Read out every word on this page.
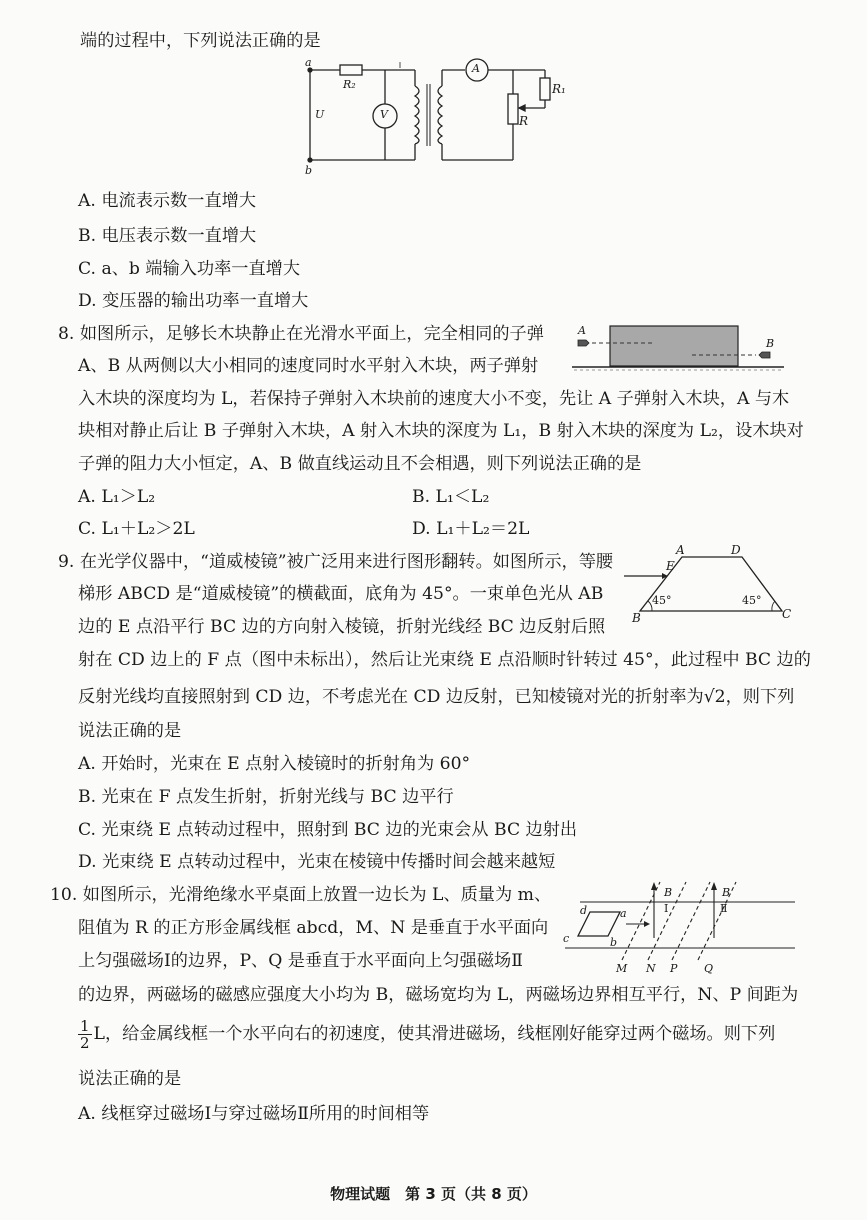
端的过程中，下列说法正确的是
a
b
R₂
U	V
A
R₁
R
A. 电流表示数一直增大
B. 电压表示数一直增大
C. a、b 端输入功率一直增大
D. 变压器的输出功率一直增大
8. 如图所示，足够长木块静止在光滑水平面上，完全相同的子弹
A、B 从两侧以大小相同的速度同时水平射入木块，两子弹射
入木块的深度均为 L，若保持子弹射入木块前的速度大小不变，先让 A 子弹射入木块，A 与木
块相对静止后让 B 子弹射入木块，A 射入木块的深度为 L₁，B 射入木块的深度为 L₂，设木块对
子弹的阻力大小恒定，A、B 做直线运动且不会相遇，则下列说法正确的是
A
B
A. L₁＞L₂	B. L₁＜L₂
C. L₁＋L₂＞2L	D. L₁＋L₂＝2L
9. 在光学仪器中，“道威棱镜”被广泛用来进行图形翻转。如图所示，等腰
梯形 ABCD 是“道威棱镜”的横截面，底角为 45°。一束单色光从 AB
边的 E 点沿平行 BC 边的方向射入棱镜，折射光线经 BC 边反射后照
射在 CD 边上的 F 点（图中未标出），然后让光束绕 E 点沿顺时针转过 45°，此过程中 BC 边的
反射光线均直接照射到 CD 边，不考虑光在 CD 边反射，已知棱镜对光的折射率为√2，则下列
说法正确的是
A	D
B	C
E
45°	45°
A. 开始时，光束在 E 点射入棱镜时的折射角为 60°
B. 光束在 F 点发生折射，折射光线与 BC 边平行
C. 光束绕 E 点转动过程中，照射到 BC 边的光束会从 BC 边射出
D. 光束绕 E 点转动过程中，光束在棱镜中传播时间会越来越短
10. 如图所示，光滑绝缘水平桌面上放置一边长为 L、质量为 m、
阻值为 R 的正方形金属线框 abcd，M、N 是垂直于水平面向
上匀强磁场Ⅰ的边界，P、Q 是垂直于水平面向上匀强磁场Ⅱ
的边界，两磁场的磁感应强度大小均为 B，磁场宽均为 L，两磁场边界相互平行，N、P 间距为
$\frac{1}{2}$ L，给金属线框一个水平向右的初速度，使其滑进磁场，线框刚好能穿过两个磁场。则下列
说法正确的是
d
c
a
b
B
Ⅰ
B
Ⅱ
M N P Q
A. 线框穿过磁场Ⅰ与穿过磁场Ⅱ所用的时间相等
物理试题　第 3 页（共 8 页）
